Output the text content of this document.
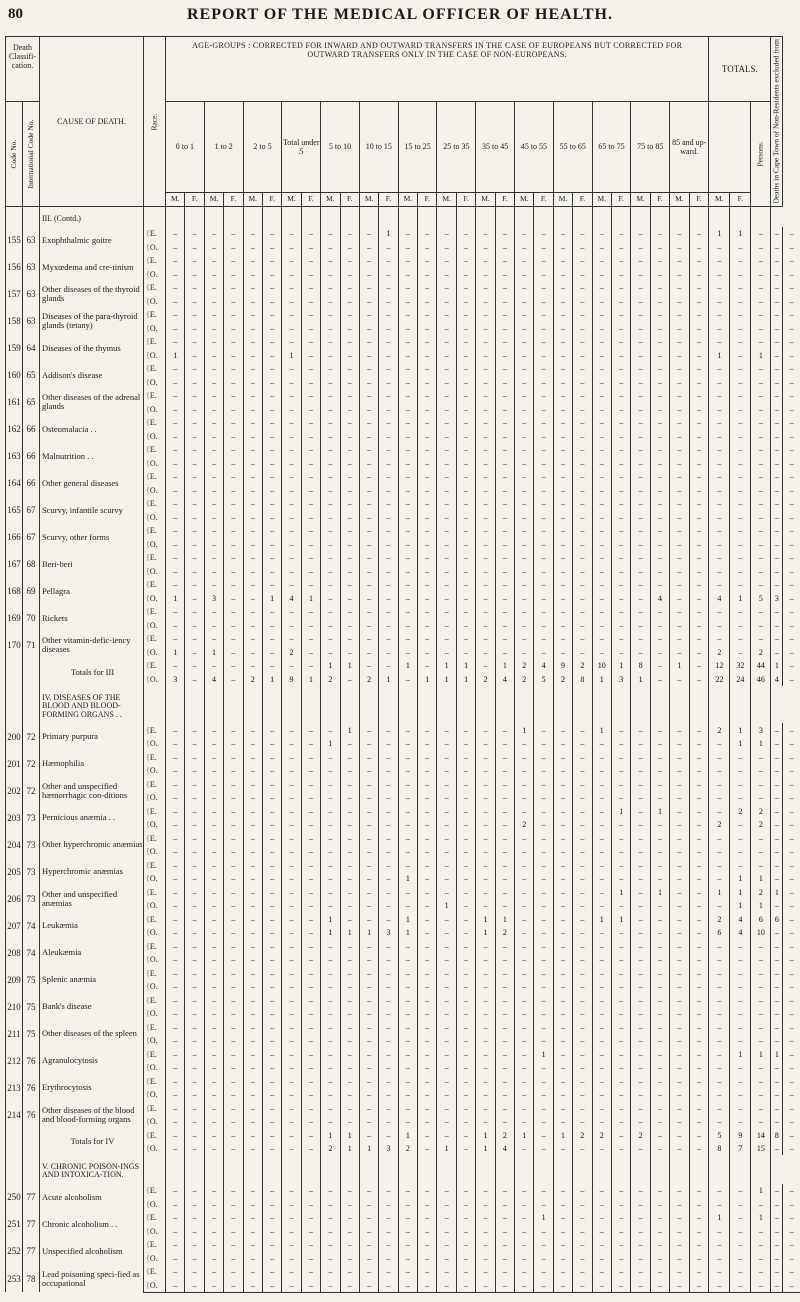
80	REPORT OF THE MEDICAL OFFICER OF HEALTH.
Death Classifi-cation.		CAUSE OF DEATH.	Race.	AGE-GROUPS : CORRECTED FOR INWARD AND OUTWARD TRANSFERS IN THE CASE OF EUROPEANS BUT CORRECTED FOR OUTWARD TRANSFERS ONLY IN THE CASE OF NON-EUROPEANS.																												TOTALS.			Deaths in Cape Town of Non-Residents excluded from	
Code No.	International Code No.			0 to 1		1 to 2		2 to 5		Total under 5		5 to 10		10 to 15		15 to 25		25 to 35		35 to 45		45 to 55		55 to 65		65 to 75		75 to 85		85 and up-ward.				Persons.		
				M.	F.	M.	F.	M.	F.	M.	F.	M.	F.	M.	F.	M.	F.	M.	F.	M.	F.	M.	F.	M.	F.	M.	F.	M.	F.	M.	F.	M.	F.			
		III. (Contd.)																																		
155	63	Exophthalmic goitre	{E.	–	–	–	–	–	–	–	–	–	–	–	1	–	–	–	–	–	–	–	–	–	–	–	–	–	–	–	–	1	1	–	–	–
			{O.	–	–	–	–	–	–	–	–	–	–	–	–	–	–	–	–	–	–	–	–	–	–	–	–	–	–	–	–	–	–	–	–	–
156	63	Myxœdema and cre-tinism	{E.	–	–	–	–	–	–	–	–	–	–	–	–	–	–	–	–	–	–	–	–	–	–	–	–	–	–	–	–	–	–	–	–	–
			{O.	–	–	–	–	–	–	–	–	–	–	–	–	–	–	–	–	–	–	–	–	–	–	–	–	–	–	–	–	–	–	–	–	–
157	63	Other diseases of the thyroid glands	{E.	–	–	–	–	–	–	–	–	–	–	–	–	–	–	–	–	–	–	–	–	–	–	–	–	–	–	–	–	–	–	–	–	–
			{O.	–	–	–	–	–	–	–	–	–	–	–	–	–	–	–	–	–	–	–	–	–	–	–	–	–	–	–	–	–	–	–	–	–
158	63	Diseases of the para-thyroid glands (tetany)	{E.	–	–	–	–	–	–	–	–	–	–	–	–	–	–	–	–	–	–	–	–	–	–	–	–	–	–	–	–	–	–	–	–	–
			{O.	–	–	–	–	–	–	–	–	–	–	–	–	–	–	–	–	–	–	–	–	–	–	–	–	–	–	–	–	–	–	–	–	–
159	64	Diseases of the thymus	{E.	–	–	–	–	–	–	–	–	–	–	–	–	–	–	–	–	–	–	–	–	–	–	–	–	–	–	–	–	–	–	–	–	–
			{O.	1	–	–	–	–	–	1	–	–	–	–	–	–	–	–	–	–	–	–	–	–	–	–	–	–	–	–	–	1	–	1	–	–
160	65	Addison's disease	{E.	–	–	–	–	–	–	–	–	–	–	–	–	–	–	–	–	–	–	–	–	–	–	–	–	–	–	–	–	–	–	–	–	–
			{O.	–	–	–	–	–	–	–	–	–	–	–	–	–	–	–	–	–	–	–	–	–	–	–	–	–	–	–	–	–	–	–	–	–
161	65	Other diseases of the adrenal glands	{E.	–	–	–	–	–	–	–	–	–	–	–	–	–	–	–	–	–	–	–	–	–	–	–	–	–	–	–	–	–	–	–	–	–
			{O.	–	–	–	–	–	–	–	–	–	–	–	–	–	–	–	–	–	–	–	–	–	–	–	–	–	–	–	–	–	–	–	–	–
162	66	Osteomalacia . .	{E.	–	–	–	–	–	–	–	–	–	–	–	–	–	–	–	–	–	–	–	–	–	–	–	–	–	–	–	–	–	–	–	–	–
			{O.	–	–	–	–	–	–	–	–	–	–	–	–	–	–	–	–	–	–	–	–	–	–	–	–	–	–	–	–	–	–	–	–	–
163	66	Malnutrition . .	{E.	–	–	–	–	–	–	–	–	–	–	–	–	–	–	–	–	–	–	–	–	–	–	–	–	–	–	–	–	–	–	–	–	–
			{O.	–	–	–	–	–	–	–	–	–	–	–	–	–	–	–	–	–	–	–	–	–	–	–	–	–	–	–	–	–	–	–	–	–
164	66	Other general diseases	{E.	–	–	–	–	–	–	–	–	–	–	–	–	–	–	–	–	–	–	–	–	–	–	–	–	–	–	–	–	–	–	–	–	–
			{O.	–	–	–	–	–	–	–	–	–	–	–	–	–	–	–	–	–	–	–	–	–	–	–	–	–	–	–	–	–	–	–	–	–
165	67	Scurvy, infantile scurvy	{E.	–	–	–	–	–	–	–	–	–	–	–	–	–	–	–	–	–	–	–	–	–	–	–	–	–	–	–	–	–	–	–	–	–
			{O.	–	–	–	–	–	–	–	–	–	–	–	–	–	–	–	–	–	–	–	–	–	–	–	–	–	–	–	–	–	–	–	–	–
166	67	Scurvy, other forms	{E.	–	–	–	–	–	–	–	–	–	–	–	–	–	–	–	–	–	–	–	–	–	–	–	–	–	–	–	–	–	–	–	–	–
			{O.	–	–	–	–	–	–	–	–	–	–	–	–	–	–	–	–	–	–	–	–	–	–	–	–	–	–	–	–	–	–	–	–	–
167	68	Beri-beri	{E.	–	–	–	–	–	–	–	–	–	–	–	–	–	–	–	–	–	–	–	–	–	–	–	–	–	–	–	–	–	–	–	–	–
			{O.	–	–	–	–	–	–	–	–	–	–	–	–	–	–	–	–	–	–	–	–	–	–	–	–	–	–	–	–	–	–	–	–	–
168	69	Pellagra	{E.	–	–	–	–	–	–	–	–	–	–	–	–	–	–	–	–	–	–	–	–	–	–	–	–	–	–	–	–	–	–	–	–	–
			{O.	1	–	3	–	–	1	4	1	–	–	–	–	–	–	–	–	–	–	–	–	–	–	–	–	–	4	–	–	4	1	5	3	–
169	70	Rickets	{E.	–	–	–	–	–	–	–	–	–	–	–	–	–	–	–	–	–	–	–	–	–	–	–	–	–	–	–	–	–	–	–	–	–
			{O.	–	–	–	–	–	–	–	–	–	–	–	–	–	–	–	–	–	–	–	–	–	–	–	–	–	–	–	–	–	–	–	–	–
170	71	Other vitamin-defic-iency diseases	{E.	–	–	–	–	–	–	–	–	–	–	–	–	–	–	–	–	–	–	–	–	–	–	–	–	–	–	–	–	–	–	–	–	–
			{O.	1	–	1	–	–	–	2	–	–	–	–	–	–	–	–	–	–	–	–	–	–	–	–	–	–	–	–	–	2	–	2	–	–
		Totals for III	{E.	–	–	–	–	–	–	–	–	1	1	–	–	1	–	1	1	–	1	2	4	9	2	10	1	8	–	1	–	12	32	44	1	–
			{O.	3	–	4	–	2	1	9	1	2	–	2	1	–	1	1	1	2	4	2	5	2	8	1	3	1	–	–	–	22	24	46	4	–
		IV. DISEASES OF THE BLOOD AND BLOOD-FORMING ORGANS . .																																		
200	72	Primary purpura	{E.	–	–	–	–	–	–	–	–	–	1	–	–	–	–	–	–	–	–	1	–	–	–	1	–	–	–	–	–	2	1	3	–	–
			{O.	–	–	–	–	–	–	–	–	1	–	–	–	–	–	–	–	–	–	–	–	–	–	–	–	–	–	–	–	–	1	1	–	–
201	72	Hæmophilia	{E.	–	–	–	–	–	–	–	–	–	–	–	–	–	–	–	–	–	–	–	–	–	–	–	–	–	–	–	–	–	–	–	–	–
			{O.	–	–	–	–	–	–	–	–	–	–	–	–	–	–	–	–	–	–	–	–	–	–	–	–	–	–	–	–	–	–	–	–	–
202	72	Other and unspecified hæmorrhagic con-ditions	{E.	–	–	–	–	–	–	–	–	–	–	–	–	–	–	–	–	–	–	–	–	–	–	–	–	–	–	–	–	–	–	–	–	–
			{O.	–	–	–	–	–	–	–	–	–	–	–	–	–	–	–	–	–	–	–	–	–	–	–	–	–	–	–	–	–	–	–	–	–
203	73	Pernicious anæmia . .	{E.	–	–	–	–	–	–	–	–	–	–	–	–	–	–	–	–	–	–	–	–	–	–	–	1	–	1	–	–	–	2	2	–	–
			{O.	–	–	–	–	–	–	–	–	–	–	–	–	–	–	–	–	–	–	2	–	–	–	–	–	–	–	–	–	2	–	2	–	–
204	73	Other hyperchromic anæmias	{E.	–	–	–	–	–	–	–	–	–	–	–	–	–	–	–	–	–	–	–	–	–	–	–	–	–	–	–	–	–	–	–	–	–
			{O.	–	–	–	–	–	–	–	–	–	–	–	–	–	–	–	–	–	–	–	–	–	–	–	–	–	–	–	–	–	–	–	–	–
205	73	Hyperchromic anæmias	{E.	–	–	–	–	–	–	–	–	–	–	–	–	–	–	–	–	–	–	–	–	–	–	–	–	–	–	–	–	–	–	–	–	–
			{O.	–	–	–	–	–	–	–	–	–	–	–	–	1	–	–	–	–	–	–	–	–	–	–	–	–	–	–	–	–	1	1	–	–
206	73	Other and unspecified anæmias	{E.	–	–	–	–	–	–	–	–	–	–	–	–	–	–	–	–	–	–	–	–	–	–	–	1	–	1	–	–	1	1	2	1	–
			{O.	–	–	–	–	–	–	–	–	–	–	–	–	–	–	1	–	–	–	–	–	–	–	–	–	–	–	–	–	–	1	1	–	–
207	74	Leukæmia	{E.	–	–	–	–	–	–	–	–	1	–	–	–	1	–	–	–	1	1	–	–	–	–	1	1	–	–	–	–	2	4	6	6	–
			{O.	–	–	–	–	–	–	–	–	1	1	1	3	1	–	–	–	1	2	–	–	–	–	–	–	–	–	–	–	6	4	10	–	–
208	74	Aleukæmia	{E.	–	–	–	–	–	–	–	–	–	–	–	–	–	–	–	–	–	–	–	–	–	–	–	–	–	–	–	–	–	–	–	–	–
			{O.	–	–	–	–	–	–	–	–	–	–	–	–	–	–	–	–	–	–	–	–	–	–	–	–	–	–	–	–	–	–	–	–	–
209	75	Splenic anæmia	{E.	–	–	–	–	–	–	–	–	–	–	–	–	–	–	–	–	–	–	–	–	–	–	–	–	–	–	–	–	–	–	–	–	–
			{O.	–	–	–	–	–	–	–	–	–	–	–	–	–	–	–	–	–	–	–	–	–	–	–	–	–	–	–	–	–	–	–	–	–
210	75	Bank's disease	{E.	–	–	–	–	–	–	–	–	–	–	–	–	–	–	–	–	–	–	–	–	–	–	–	–	–	–	–	–	–	–	–	–	–
			{O.	–	–	–	–	–	–	–	–	–	–	–	–	–	–	–	–	–	–	–	–	–	–	–	–	–	–	–	–	–	–	–	–	–
211	75	Other diseases of the spleen	{E.	–	–	–	–	–	–	–	–	–	–	–	–	–	–	–	–	–	–	–	–	–	–	–	–	–	–	–	–	–	–	–	–	–
			{O.	–	–	–	–	–	–	–	–	–	–	–	–	–	–	–	–	–	–	–	–	–	–	–	–	–	–	–	–	–	–	–	–	–
212	76	Agranulocytosis	{E.	–	–	–	–	–	–	–	–	–	–	–	–	–	–	–	–	–	–	–	1	–	–	–	–	–	–	–	–	–	1	1	1	–
			{O.	–	–	–	–	–	–	–	–	–	–	–	–	–	–	–	–	–	–	–	–	–	–	–	–	–	–	–	–	–	–	–	–	–
213	76	Erythrocytosis	{E.	–	–	–	–	–	–	–	–	–	–	–	–	–	–	–	–	–	–	–	–	–	–	–	–	–	–	–	–	–	–	–	–	–
			{O.	–	–	–	–	–	–	–	–	–	–	–	–	–	–	–	–	–	–	–	–	–	–	–	–	–	–	–	–	–	–	–	–	–
214	76	Other diseases of the blood and blood-forming organs	{E.	–	–	–	–	–	–	–	–	–	–	–	–	–	–	–	–	–	–	–	–	–	–	–	–	–	–	–	–	–	–	–	–	–
			{O.	–	–	–	–	–	–	–	–	–	–	–	–	–	–	–	–	–	–	–	–	–	–	–	–	–	–	–	–	–	–	–	–	–
		Totals for IV	{E.	–	–	–	–	–	–	–	–	1	1	–	–	1	–	–	–	1	2	1	–	1	2	2	–	2	–	–	–	5	9	14	8	–
			{O.	–	–	–	–	–	–	–	–	2	1	1	3	2	–	1	–	1	4	–	–	–	–	–	–	–	–	–	–	8	7	15	–	–
		V. CHRONIC POISON-INGS AND INTOXICA-TION.																																		
250	77	Acute alcoholism	{E.	–	–	–	–	–	–	–	–	–	–	–	–	–	–	–	–	–	–	–	–	–	–	–	–	–	–	–	–	–	–	1	–	–
			{O.	–	–	–	–	–	–	–	–	–	–	–	–	–	–	–	–	–	–	–	–	–	–	–	–	–	–	–	–	–	–	–	–	–
251	77	Chronic alcoholism . .	{E.	–	–	–	–	–	–	–	–	–	–	–	–	–	–	–	–	–	–	–	1	–	–	–	–	–	–	–	–	1	–	1	–	–
			{O.	–	–	–	–	–	–	–	–	–	–	–	–	–	–	–	–	–	–	–	–	–	–	–	–	–	–	–	–	–	–	–	–	–
252	77	Unspecified alcoholism	{E.	–	–	–	–	–	–	–	–	–	–	–	–	–	–	–	–	–	–	–	–	–	–	–	–	–	–	–	–	–	–	–	–	–
			{O.	–	–	–	–	–	–	–	–	–	–	–	–	–	–	–	–	–	–	–	–	–	–	–	–	–	–	–	–	–	–	–	–	–
253	78	Lead poisoning speci-fied as occupational	{E.	–	–	–	–	–	–	–	–	–	–	–	–	–	–	–	–	–	–	–	–	–	–	–	–	–	–	–	–	–	–	–	–	–
			{O.	–	–	–	–	–	–	–	–	–	–	–	–	–	–	–	–	–	–	–	–	–	–	–	–	–	–	–	–	–	–	–	–	–
